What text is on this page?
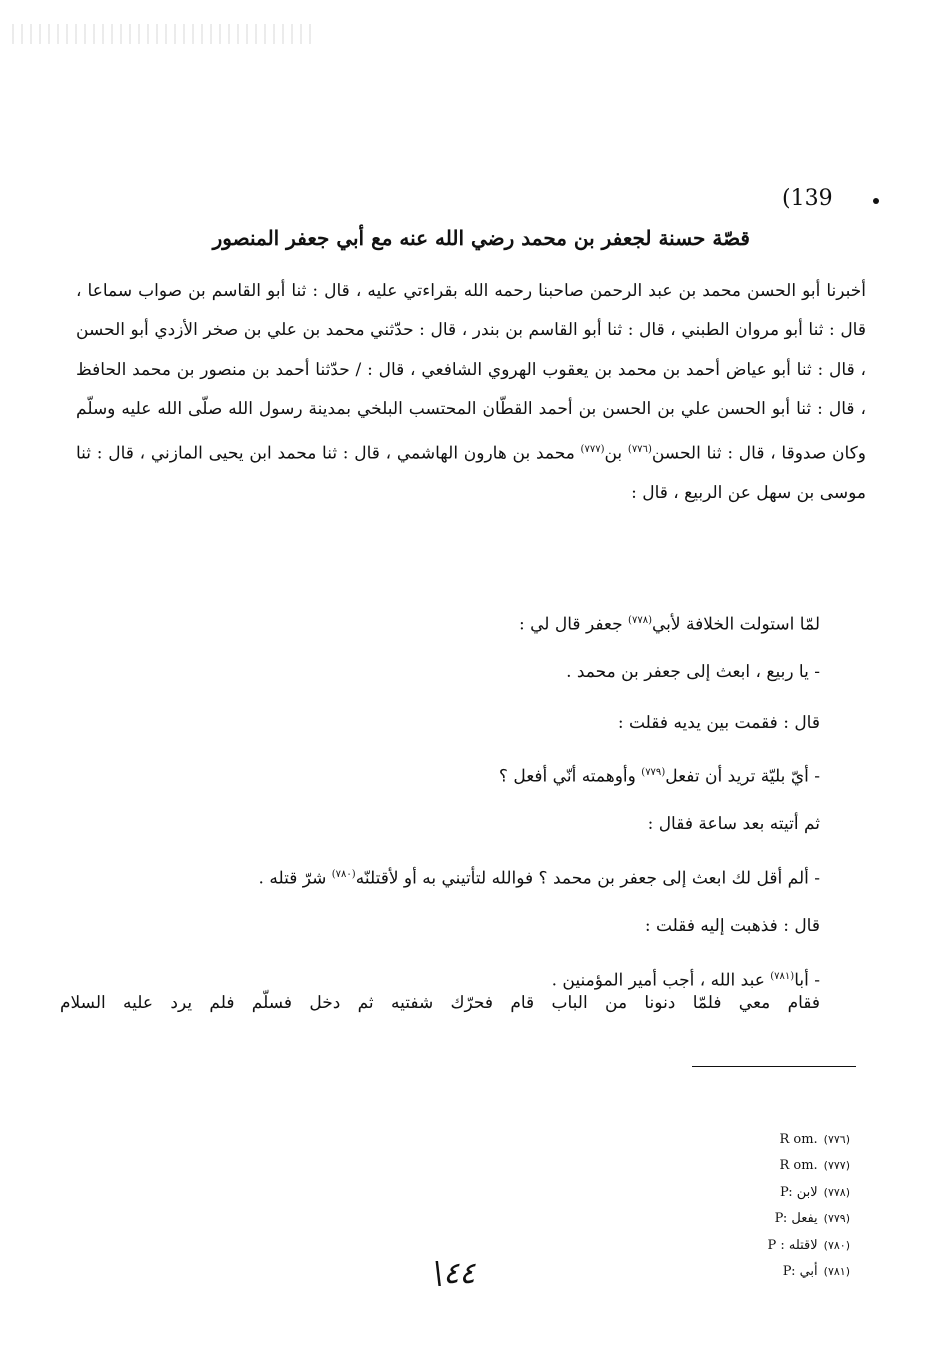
(139
قصّة حسنة لجعفر بن محمد رضي الله عنه مع أبي جعفر المنصور

أخبرنا أبو الحسن محمد بن عبد الرحمن صاحبنا رحمه الله بقراءتي عليه ، قال : ثنا أبو القاسم بن صواب سماعا ، قال : ثنا أبو مروان الطبني ، قال : ثنا أبو القاسم بن بندر ، قال : حدّثني محمد بن علي بن صخر الأزدي أبو الحسن ، قال : ثنا أبو عياض أحمد بن محمد بن يعقوب الهروي الشافعي ، قال : / حدّثنا أحمد بن منصور بن محمد الحافظ ، قال : ثنا أبو الحسن علي بن الحسن بن أحمد القطّان المحتسب البلخي بمدينة رسول الله صلّى الله عليه وسلّم وكان صدوقا ، قال : ثنا الحسن$^{(٧٧٦)}$ بن$^{(٧٧٧)}$ محمد بن هارون الهاشمي ، قال : ثنا محمد ابن يحيى المازني ، قال : ثنا موسى بن سهل عن الربيع ، قال :

لمّا استولت الخلافة لأبي$^{(٧٧٨)}$ جعفر قال لي :
- يا ربيع ، ابعث إلى جعفر بن محمد .
قال : فقمت بين يديه فقلت :
- أيّ بليّة تريد أن تفعل$^{(٧٧٩)}$ وأوهمته أنّي أفعل ؟
ثم أتيته بعد ساعة فقال :
- ألم أقل لك ابعث إلى جعفر بن محمد ؟ فوالله لتأتيني به أو لأقتلنّه$^{(٧٨٠)}$ شرّ قتله .
قال : فذهبت إليه فقلت :
- أبا$^{(٧٨١)}$ عبد الله ، أجب أمير المؤمنين .
فقام معي فلمّا دنونا من الباب قام فحرّك شفتيه ثم دخل فسلّم فلم يرد عليه السلام
R om. (٧٧٦)
R om. (٧٧٧)
P: لابن (٧٧٨)
P: يفعل (٧٧٩)
P : لاقتله (٧٨٠)
P: أبي (٧٨١)
\٤٤
